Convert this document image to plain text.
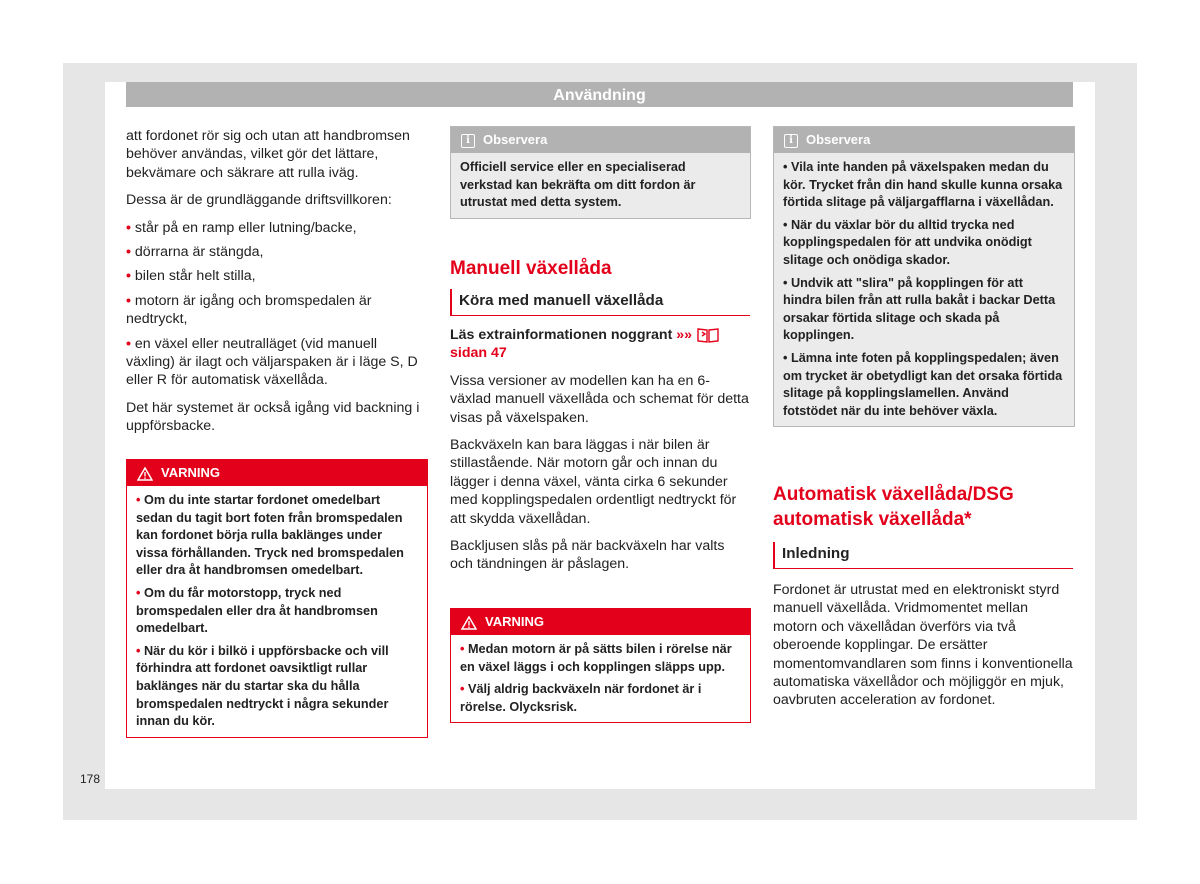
Användning

att fordonet rör sig och utan att handbromsen behöver användas, vilket gör det lättare, bekvämare och säkrare att rulla iväg.

Dessa är de grundläggande driftsvillkoren:

• står på en ramp eller lutning/backe,
• dörrarna är stängda,
• bilen står helt stilla,
• motorn är igång och bromspedalen är nedtryckt,
• en växel eller neutralläget (vid manuell växling) är ilagt och väljarspaken är i läge S, D eller R för automatisk växellåda.

Det här systemet är också igång vid backning i uppförsbacke.

VARNING

• Om du inte startar fordonet omedelbart sedan du tagit bort foten från bromspedalen kan fordonet börja rulla baklänges under vissa förhållanden. Tryck ned bromspedalen eller dra åt handbromsen omedelbart.

• Om du får motorstopp, tryck ned bromspedalen eller dra åt handbromsen omedelbart.

• När du kör i bilkö i uppförsbacke och vill förhindra att fordonet oavsiktligt rullar baklänges när du startar ska du hålla bromspedalen nedtryckt i några sekunder innan du kör.

i Observera

Officiell service eller en specialiserad verkstad kan bekräfta om ditt fordon är utrustat med detta system.

Manuell växellåda
Köra med manuell växellåda

Läs extrainformationen noggrant »»  sidan 47

Vissa versioner av modellen kan ha en 6-växlad manuell växellåda och schemat för detta visas på växelspaken.

Backväxeln kan bara läggas i när bilen är stillastående. När motorn går och innan du lägger i denna växel, vänta cirka 6 sekunder med kopplingspedalen ordentligt nedtryckt för att skydda växellådan.

Backljusen slås på när backväxeln har valts och tändningen är påslagen.

VARNING

• Medan motorn är på sätts bilen i rörelse när en växel läggs i och kopplingen släpps upp.

• Välj aldrig backväxeln när fordonet är i rörelse. Olycksrisk.

i Observera

• Vila inte handen på växelspaken medan du kör. Trycket från din hand skulle kunna orsaka förtida slitage på väljargafflarna i växellådan.

• När du växlar bör du alltid trycka ned kopplingspedalen för att undvika onödigt slitage och onödiga skador.

• Undvik att "slira" på kopplingen för att hindra bilen från att rulla bakåt i backar Detta orsakar förtida slitage och skada på kopplingen.

• Lämna inte foten på kopplingspedalen; även om trycket är obetydligt kan det orsaka förtida slitage på kopplingslamellen. Använd fotstödet när du inte behöver växla.

Automatisk växellåda/DSG automatisk växellåda*
Inledning

Fordonet är utrustat med en elektroniskt styrd manuell växellåda. Vridmomentet mellan motorn och växellådan överförs via två oberoende kopplingar. De ersätter momentomvandlaren som finns i konventionella automatiska växellådor och möjliggör en mjuk, oavbruten acceleration av fordonet.

178
